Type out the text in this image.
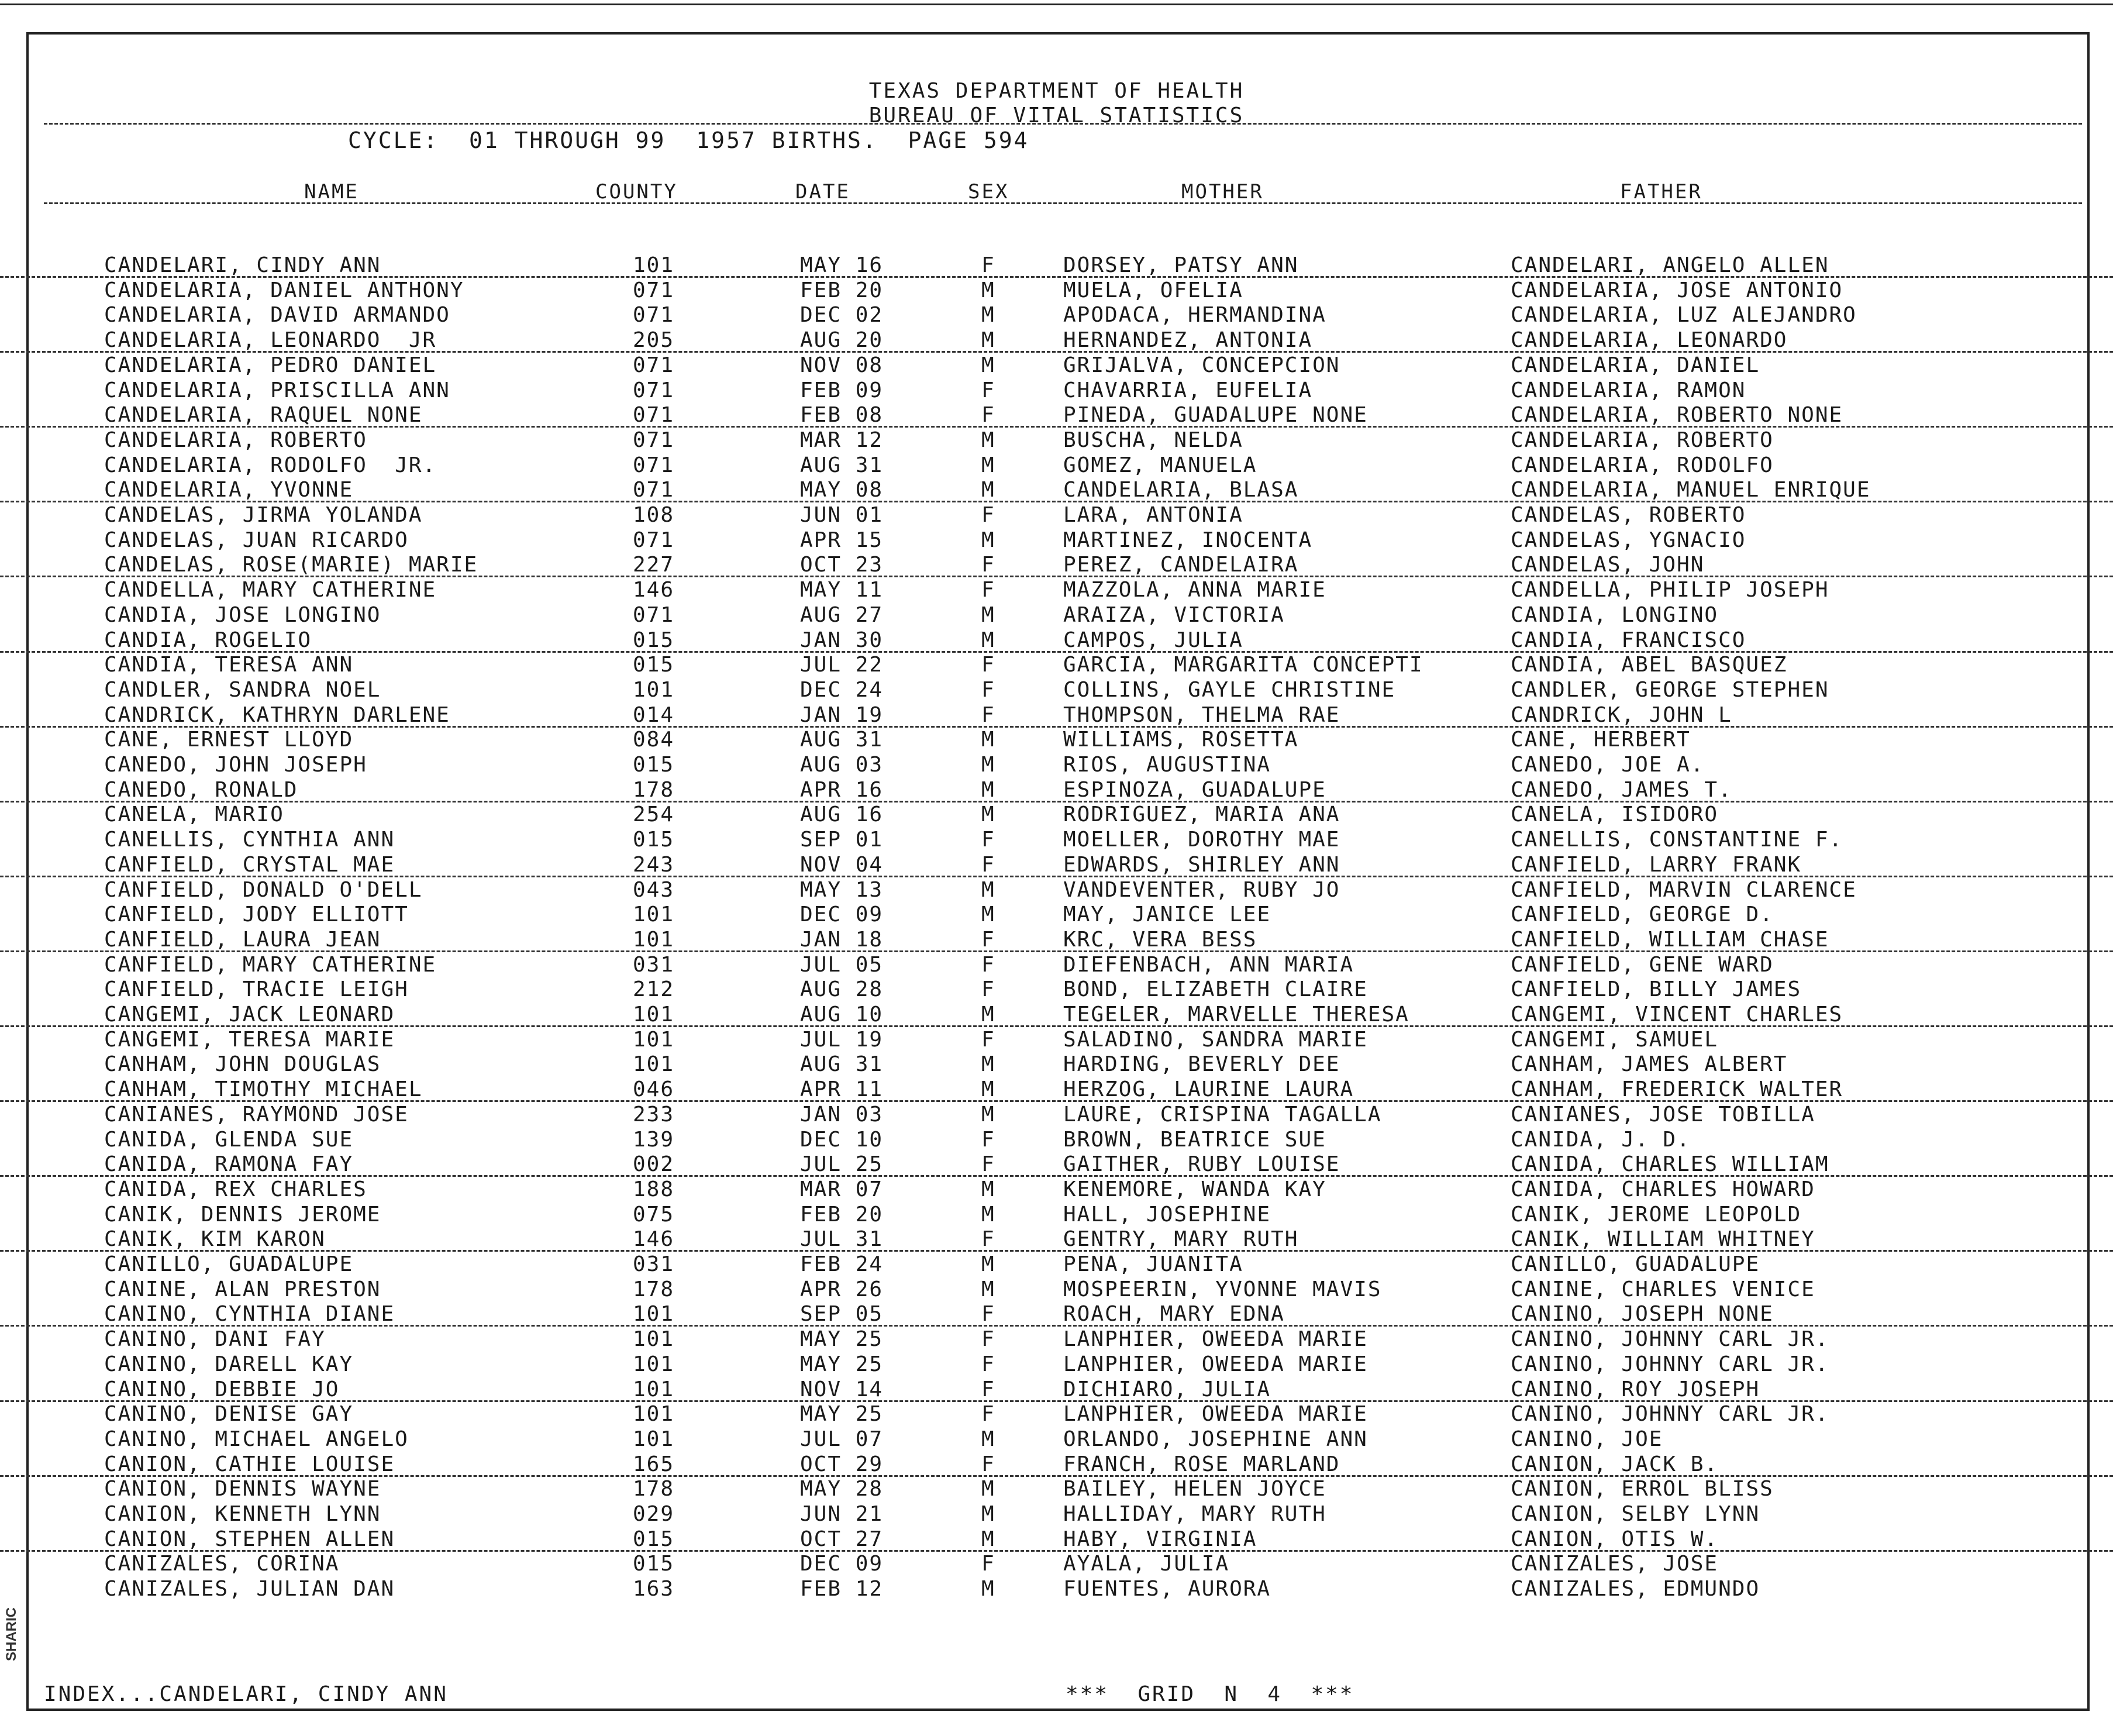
TEXAS DEPARTMENT OF HEALTH
BUREAU OF VITAL STATISTICS
CYCLE:  01 THROUGH 99  1957 BIRTHS.  PAGE 594
NAME	COUNTY	DATE	SEX	MOTHER	FATHER
CANDELARI, CINDY ANN	101	MAY 16	F	DORSEY, PATSY ANN	CANDELARI, ANGELO ALLEN
CANDELARIA, DANIEL ANTHONY	071	FEB 20	M	MUELA, OFELIA	CANDELARIA, JOSE ANTONIO
CANDELARIA, DAVID ARMANDO	071	DEC 02	M	APODACA, HERMANDINA	CANDELARIA, LUZ ALEJANDRO
CANDELARIA, LEONARDO  JR	205	AUG 20	M	HERNANDEZ, ANTONIA	CANDELARIA, LEONARDO
CANDELARIA, PEDRO DANIEL	071	NOV 08	M	GRIJALVA, CONCEPCION	CANDELARIA, DANIEL
CANDELARIA, PRISCILLA ANN	071	FEB 09	F	CHAVARRIA, EUFELIA	CANDELARIA, RAMON
CANDELARIA, RAQUEL NONE	071	FEB 08	F	PINEDA, GUADALUPE NONE	CANDELARIA, ROBERTO NONE
CANDELARIA, ROBERTO	071	MAR 12	M	BUSCHA, NELDA	CANDELARIA, ROBERTO
CANDELARIA, RODOLFO  JR.	071	AUG 31	M	GOMEZ, MANUELA	CANDELARIA, RODOLFO
CANDELARIA, YVONNE	071	MAY 08	M	CANDELARIA, BLASA	CANDELARIA, MANUEL ENRIQUE
CANDELAS, JIRMA YOLANDA	108	JUN 01	F	LARA, ANTONIA	CANDELAS, ROBERTO
CANDELAS, JUAN RICARDO	071	APR 15	M	MARTINEZ, INOCENTA	CANDELAS, YGNACIO
CANDELAS, ROSE(MARIE) MARIE	227	OCT 23	F	PEREZ, CANDELAIRA	CANDELAS, JOHN
CANDELLA, MARY CATHERINE	146	MAY 11	F	MAZZOLA, ANNA MARIE	CANDELLA, PHILIP JOSEPH
CANDIA, JOSE LONGINO	071	AUG 27	M	ARAIZA, VICTORIA	CANDIA, LONGINO
CANDIA, ROGELIO	015	JAN 30	M	CAMPOS, JULIA	CANDIA, FRANCISCO
CANDIA, TERESA ANN	015	JUL 22	F	GARCIA, MARGARITA CONCEPTI	CANDIA, ABEL BASQUEZ
CANDLER, SANDRA NOEL	101	DEC 24	F	COLLINS, GAYLE CHRISTINE	CANDLER, GEORGE STEPHEN
CANDRICK, KATHRYN DARLENE	014	JAN 19	F	THOMPSON, THELMA RAE	CANDRICK, JOHN L
CANE, ERNEST LLOYD	084	AUG 31	M	WILLIAMS, ROSETTA	CANE, HERBERT
CANEDO, JOHN JOSEPH	015	AUG 03	M	RIOS, AUGUSTINA	CANEDO, JOE A.
CANEDO, RONALD	178	APR 16	M	ESPINOZA, GUADALUPE	CANEDO, JAMES T.
CANELA, MARIO	254	AUG 16	M	RODRIGUEZ, MARIA ANA	CANELA, ISIDORO
CANELLIS, CYNTHIA ANN	015	SEP 01	F	MOELLER, DOROTHY MAE	CANELLIS, CONSTANTINE F.
CANFIELD, CRYSTAL MAE	243	NOV 04	F	EDWARDS, SHIRLEY ANN	CANFIELD, LARRY FRANK
CANFIELD, DONALD O'DELL	043	MAY 13	M	VANDEVENTER, RUBY JO	CANFIELD, MARVIN CLARENCE
CANFIELD, JODY ELLIOTT	101	DEC 09	M	MAY, JANICE LEE	CANFIELD, GEORGE D.
CANFIELD, LAURA JEAN	101	JAN 18	F	KRC, VERA BESS	CANFIELD, WILLIAM CHASE
CANFIELD, MARY CATHERINE	031	JUL 05	F	DIEFENBACH, ANN MARIA	CANFIELD, GENE WARD
CANFIELD, TRACIE LEIGH	212	AUG 28	F	BOND, ELIZABETH CLAIRE	CANFIELD, BILLY JAMES
CANGEMI, JACK LEONARD	101	AUG 10	M	TEGELER, MARVELLE THERESA	CANGEMI, VINCENT CHARLES
CANGEMI, TERESA MARIE	101	JUL 19	F	SALADINO, SANDRA MARIE	CANGEMI, SAMUEL
CANHAM, JOHN DOUGLAS	101	AUG 31	M	HARDING, BEVERLY DEE	CANHAM, JAMES ALBERT
CANHAM, TIMOTHY MICHAEL	046	APR 11	M	HERZOG, LAURINE LAURA	CANHAM, FREDERICK WALTER
CANIANES, RAYMOND JOSE	233	JAN 03	M	LAURE, CRISPINA TAGALLA	CANIANES, JOSE TOBILLA
CANIDA, GLENDA SUE	139	DEC 10	F	BROWN, BEATRICE SUE	CANIDA, J. D.
CANIDA, RAMONA FAY	002	JUL 25	F	GAITHER, RUBY LOUISE	CANIDA, CHARLES WILLIAM
CANIDA, REX CHARLES	188	MAR 07	M	KENEMORE, WANDA KAY	CANIDA, CHARLES HOWARD
CANIK, DENNIS JEROME	075	FEB 20	M	HALL, JOSEPHINE	CANIK, JEROME LEOPOLD
CANIK, KIM KARON	146	JUL 31	F	GENTRY, MARY RUTH	CANIK, WILLIAM WHITNEY
CANILLO, GUADALUPE	031	FEB 24	M	PENA, JUANITA	CANILLO, GUADALUPE
CANINE, ALAN PRESTON	178	APR 26	M	MOSPEERIN, YVONNE MAVIS	CANINE, CHARLES VENICE
CANINO, CYNTHIA DIANE	101	SEP 05	F	ROACH, MARY EDNA	CANINO, JOSEPH NONE
CANINO, DANI FAY	101	MAY 25	F	LANPHIER, OWEEDA MARIE	CANINO, JOHNNY CARL JR.
CANINO, DARELL KAY	101	MAY 25	F	LANPHIER, OWEEDA MARIE	CANINO, JOHNNY CARL JR.
CANINO, DEBBIE JO	101	NOV 14	F	DICHIARO, JULIA	CANINO, ROY JOSEPH
CANINO, DENISE GAY	101	MAY 25	F	LANPHIER, OWEEDA MARIE	CANINO, JOHNNY CARL JR.
CANINO, MICHAEL ANGELO	101	JUL 07	M	ORLANDO, JOSEPHINE ANN	CANINO, JOE
CANION, CATHIE LOUISE	165	OCT 29	F	FRANCH, ROSE MARLAND	CANION, JACK B.
CANION, DENNIS WAYNE	178	MAY 28	M	BAILEY, HELEN JOYCE	CANION, ERROL BLISS
CANION, KENNETH LYNN	029	JUN 21	M	HALLIDAY, MARY RUTH	CANION, SELBY LYNN
CANION, STEPHEN ALLEN	015	OCT 27	M	HABY, VIRGINIA	CANION, OTIS W.
CANIZALES, CORINA	015	DEC 09	F	AYALA, JULIA	CANIZALES, JOSE
CANIZALES, JULIAN DAN	163	FEB 12	M	FUENTES, AURORA	CANIZALES, EDMUNDO
INDEX...CANDELARI, CINDY ANN	***  GRID  N  4  ***
SHARIC
